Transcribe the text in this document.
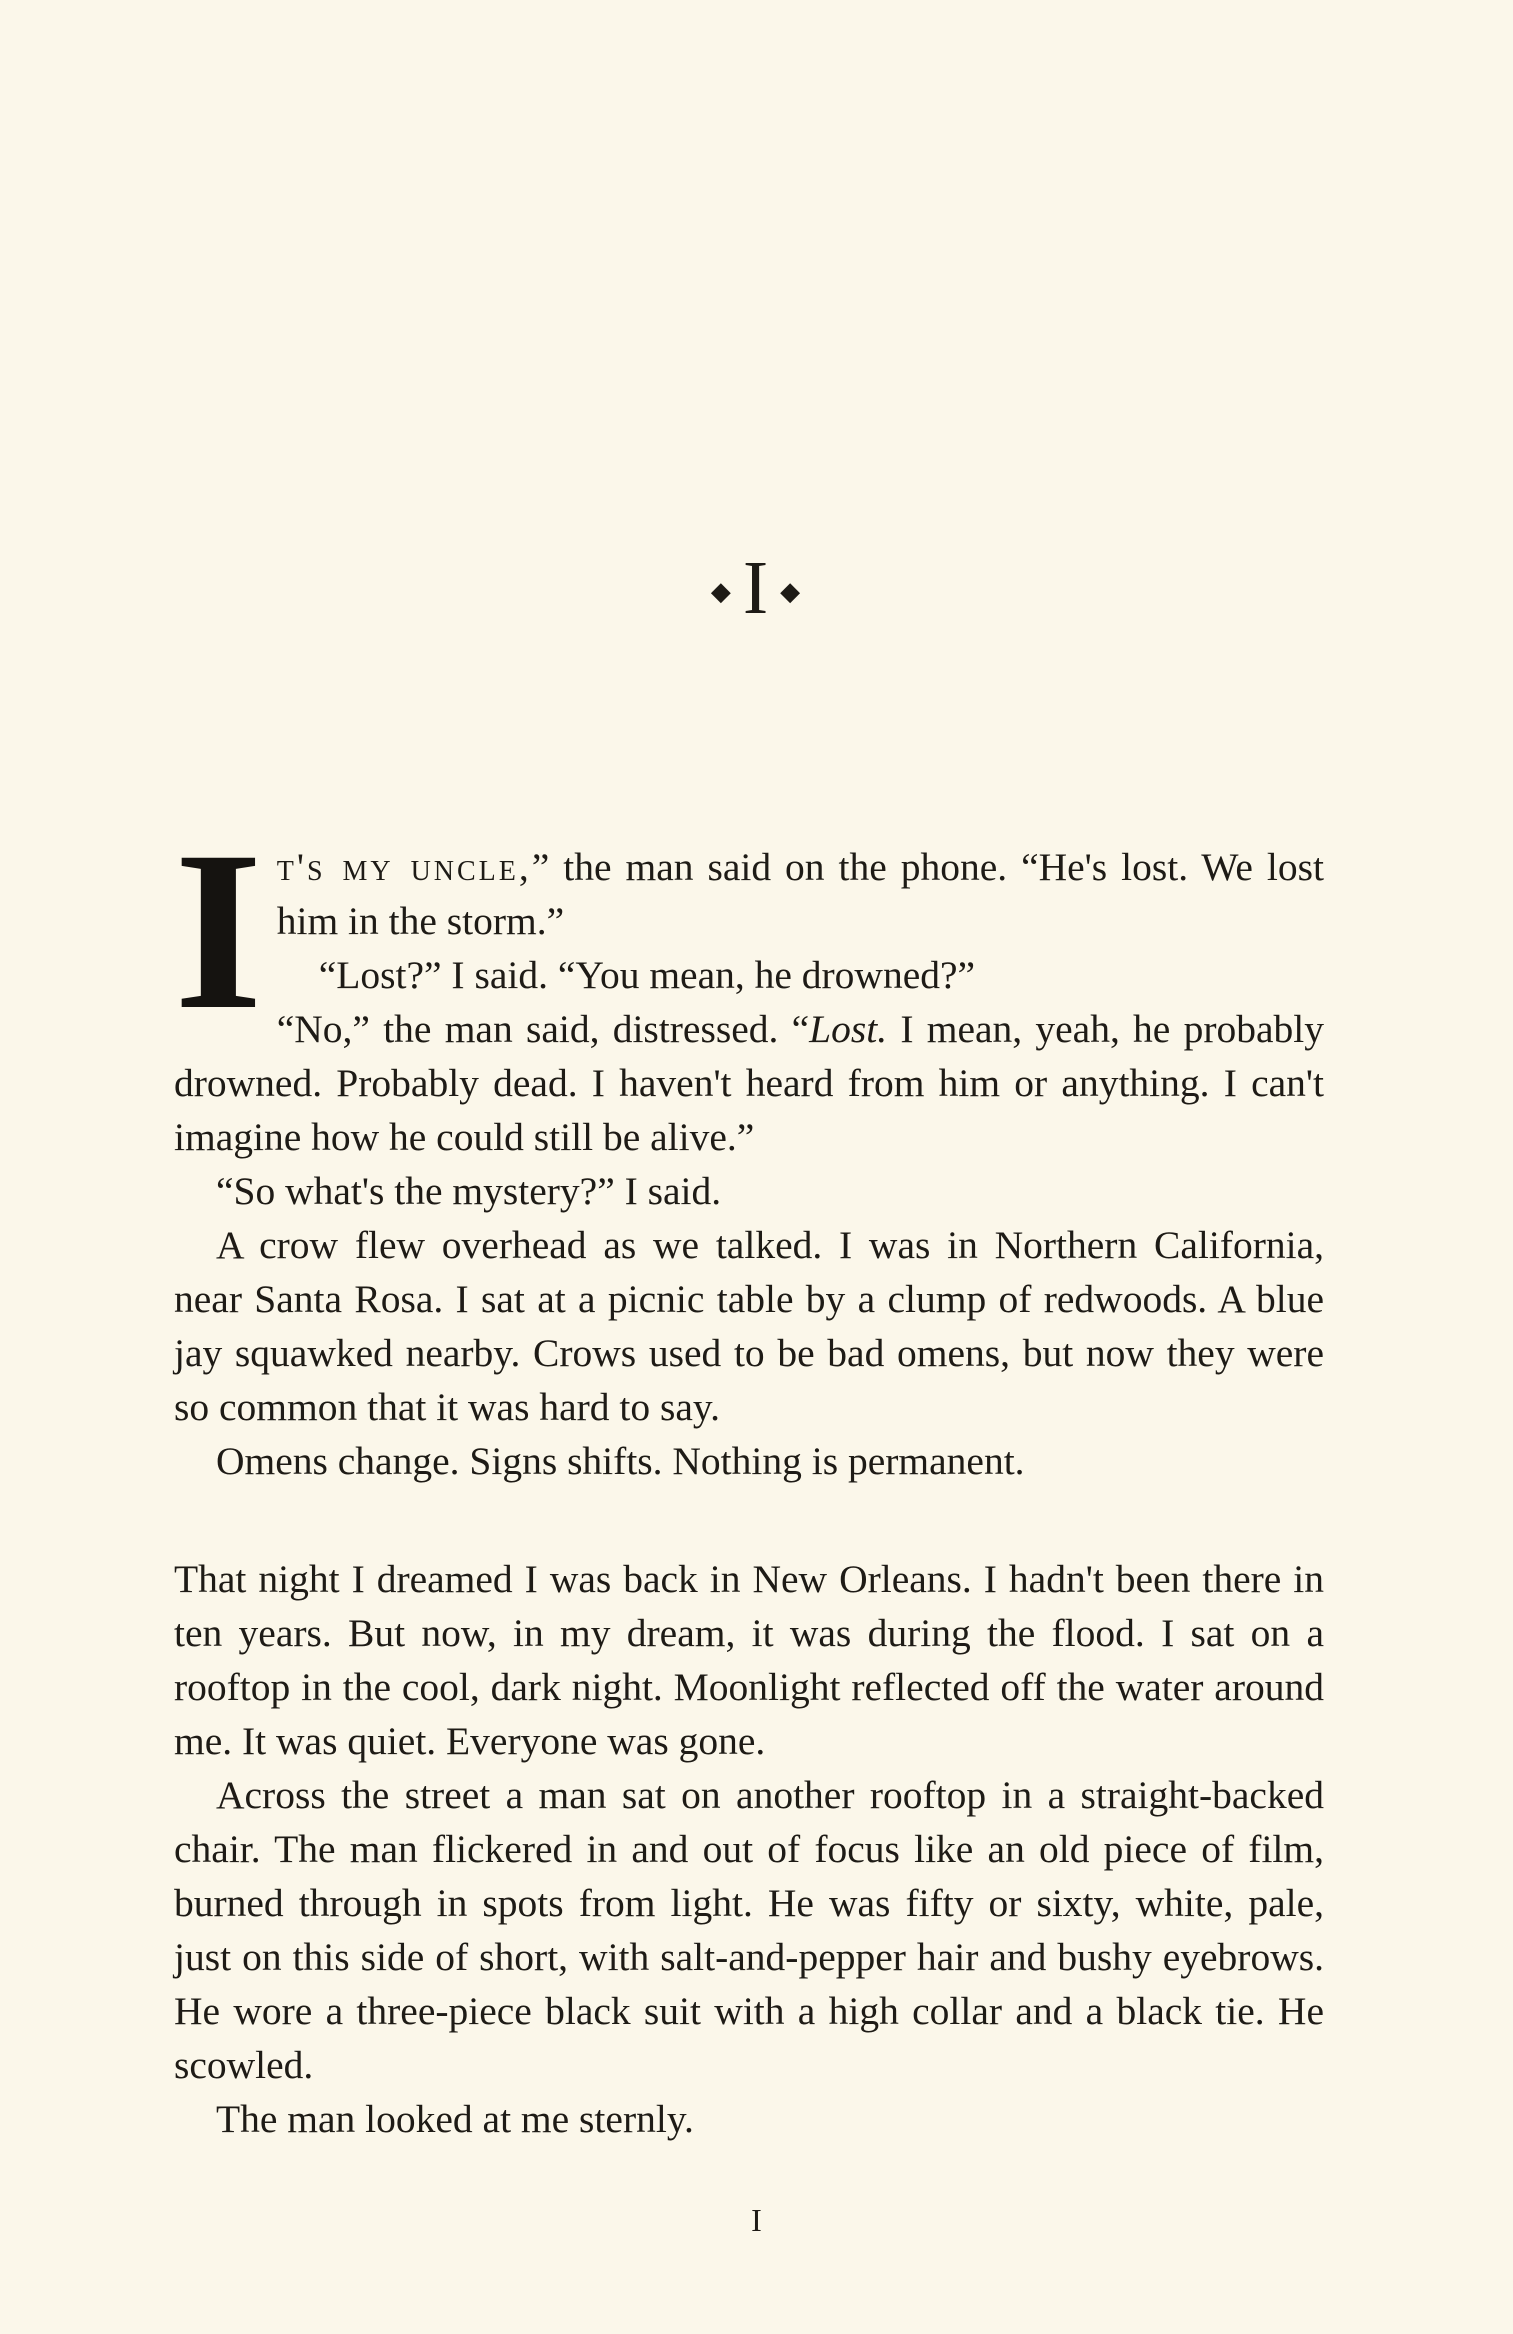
◆ I ◆
I t's my uncle,” the man said on the phone. “He's lost. We lost him in the storm.”

“Lost?” I said. “You mean, he drowned?”

“No,” the man said, distressed. “Lost. I mean, yeah, he probably drowned. Probably dead. I haven't heard from him or anything. I can't imagine how he could still be alive.”

“So what's the mystery?” I said.

A crow flew overhead as we talked. I was in Northern California, near Santa Rosa. I sat at a picnic table by a clump of redwoods. A blue jay squawked nearby. Crows used to be bad omens, but now they were so common that it was hard to say.

Omens change. Signs shifts. Nothing is permanent.

That night I dreamed I was back in New Orleans. I hadn't been there in ten years. But now, in my dream, it was during the flood. I sat on a rooftop in the cool, dark night. Moonlight reflected off the water around me. It was quiet. Everyone was gone.

Across the street a man sat on another rooftop in a straight-backed chair. The man flickered in and out of focus like an old piece of film, burned through in spots from light. He was fifty or sixty, white, pale, just on this side of short, with salt-and-pepper hair and bushy eyebrows. He wore a three-piece black suit with a high collar and a black tie. He scowled.

The man looked at me sternly.

I
